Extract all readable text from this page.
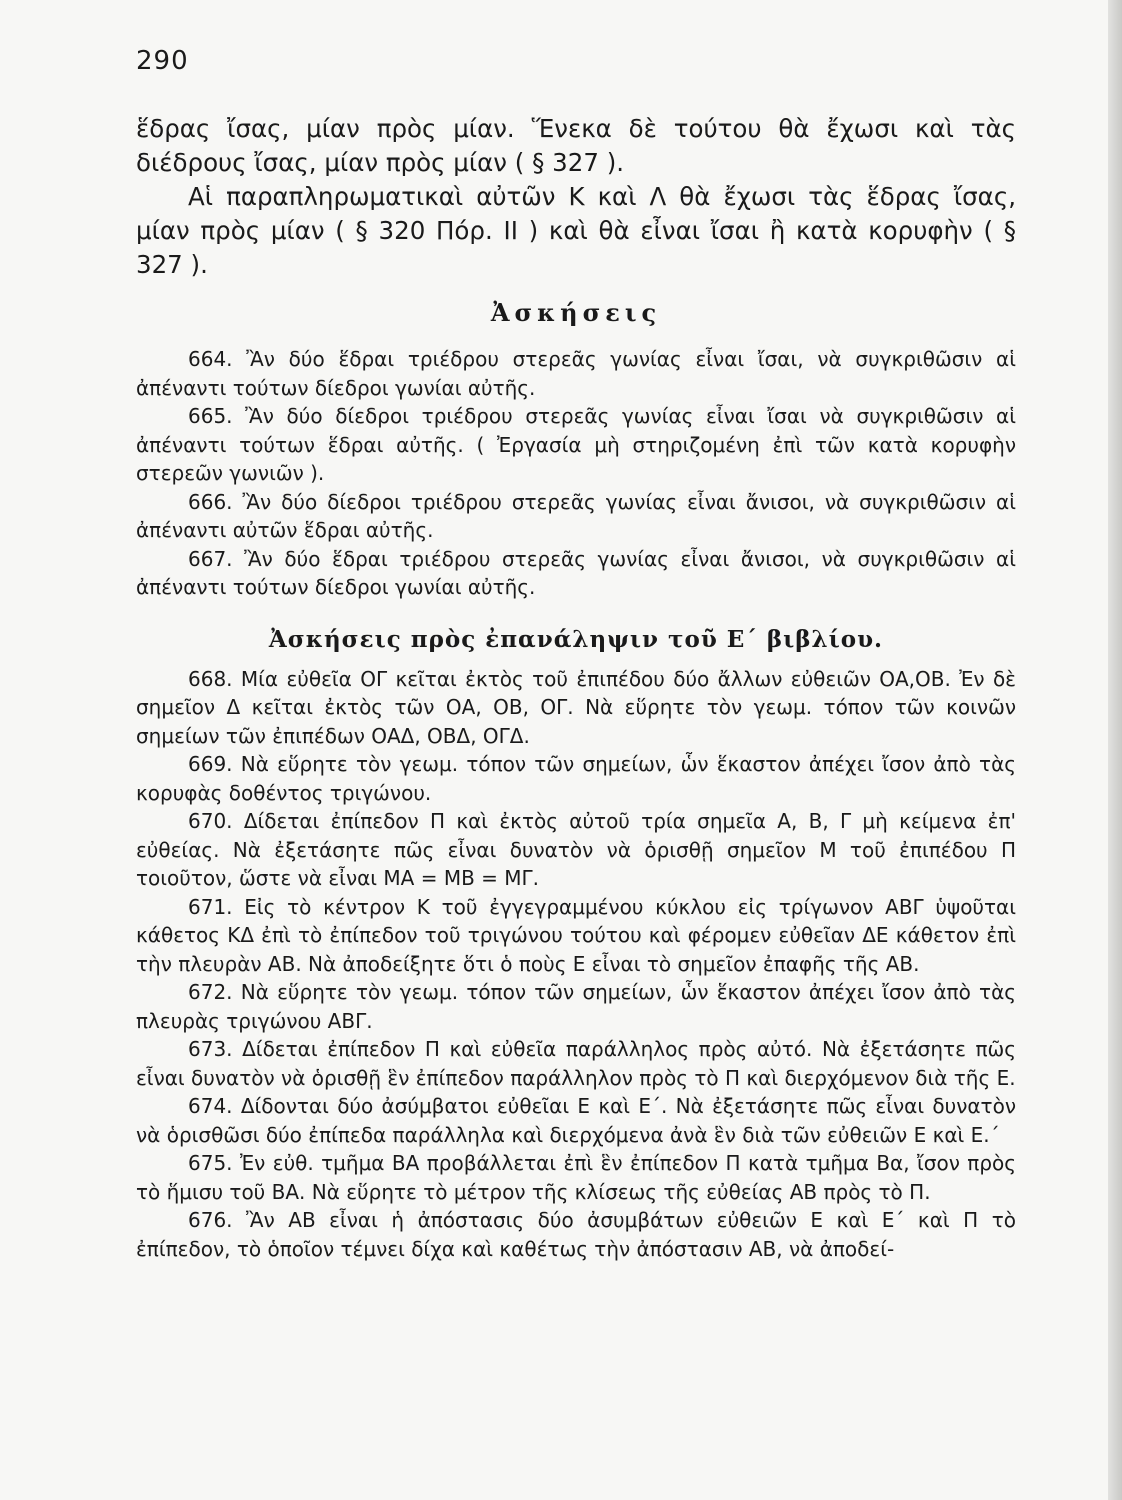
290

ἕδρας ἴσας, μίαν πρὸς μίαν. Ἕνεκα δὲ τούτου θὰ ἔχωσι καὶ τὰς διέδρους ἴσας, μίαν πρὸς μίαν ( § 327 ).

Αἱ παραπληρωματικαὶ αὐτῶν Κ καὶ Λ θὰ ἔχωσι τὰς ἕδρας ἴσας, μίαν πρὸς μίαν ( § 320 Πόρ. ΙΙ ) καὶ θὰ εἶναι ἴσαι ἢ κατὰ κορυφὴν ( § 327 ).

Ἀσκήσεις

664. Ἂν δύο ἕδραι τριέδρου στερεᾶς γωνίας εἶναι ἴσαι, νὰ συγκριθῶσιν αἱ ἀπέναντι τούτων δίεδροι γωνίαι αὐτῆς.

665. Ἂν δύο δίεδροι τριέδρου στερεᾶς γωνίας εἶναι ἴσαι νὰ συγκριθῶσιν αἱ ἀπέναντι τούτων ἕδραι αὐτῆς. ( Ἐργασία μὴ στηριζομένη ἐπὶ τῶν κατὰ κορυφὴν στερεῶν γωνιῶν ).

666. Ἂν δύο δίεδροι τριέδρου στερεᾶς γωνίας εἶναι ἄνισοι, νὰ συγκριθῶσιν αἱ ἀπέναντι αὐτῶν ἕδραι αὐτῆς.

667. Ἂν δύο ἕδραι τριέδρου στερεᾶς γωνίας εἶναι ἄνισοι, νὰ συγκριθῶσιν αἱ ἀπέναντι τούτων δίεδροι γωνίαι αὐτῆς.

Ἀσκήσεις πρὸς ἐπανάληψιν τοῦ Ε΄ βιβλίου.

668. Μία εὐθεῖα ΟΓ κεῖται ἐκτὸς τοῦ ἐπιπέδου δύο ἄλλων εὐθειῶν ΟΑ,ΟΒ. Ἐν δὲ σημεῖον Δ κεῖται ἐκτὸς τῶν ΟΑ, ΟΒ, ΟΓ. Νὰ εὕρητε τὸν γεωμ. τόπον τῶν κοινῶν σημείων τῶν ἐπιπέδων ΟΑΔ, ΟΒΔ, ΟΓΔ.

669. Νὰ εὕρητε τὸν γεωμ. τόπον τῶν σημείων, ὧν ἕκαστον ἀπέχει ἴσον ἀπὸ τὰς κορυφὰς δοθέντος τριγώνου.

670. Δίδεται ἐπίπεδον Π καὶ ἐκτὸς αὐτοῦ τρία σημεῖα Α, Β, Γ μὴ κείμενα ἐπ' εὐθείας. Νὰ ἐξετάσητε πῶς εἶναι δυνατὸν νὰ ὁρισθῇ σημεῖον Μ τοῦ ἐπιπέδου Π τοιοῦτον, ὥστε νὰ εἶναι ΜΑ = ΜΒ = ΜΓ.

671. Εἰς τὸ κέντρον Κ τοῦ ἐγγεγραμμένου κύκλου εἰς τρίγωνον ΑΒΓ ὑψοῦται κάθετος ΚΔ ἐπὶ τὸ ἐπίπεδον τοῦ τριγώνου τούτου καὶ φέρομεν εὐθεῖαν ΔΕ κάθετον ἐπὶ τὴν πλευρὰν ΑΒ. Νὰ ἀποδείξητε ὅτι ὁ ποὺς Ε εἶναι τὸ σημεῖον ἐπαφῆς τῆς ΑΒ.

672. Νὰ εὕρητε τὸν γεωμ. τόπον τῶν σημείων, ὧν ἕκαστον ἀπέχει ἴσον ἀπὸ τὰς πλευρὰς τριγώνου ΑΒΓ.

673. Δίδεται ἐπίπεδον Π καὶ εὐθεῖα παράλληλος πρὸς αὐτό. Νὰ ἐξετάσητε πῶς εἶναι δυνατὸν νὰ ὁρισθῇ ἓν ἐπίπεδον παράλληλον πρὸς τὸ Π καὶ διερχόμενον διὰ τῆς Ε.

674. Δίδονται δύο ἀσύμβατοι εὐθεῖαι Ε καὶ Ε΄. Νὰ ἐξετάσητε πῶς εἶναι δυνατὸν νὰ ὁρισθῶσι δύο ἐπίπεδα παράλληλα καὶ διερχόμενα ἀνὰ ἓν διὰ τῶν εὐθειῶν Ε καὶ Ε.΄

675. Ἐν εὐθ. τμῆμα ΒΑ προβάλλεται ἐπὶ ἓν ἐπίπεδον Π κατὰ τμῆμα Βα, ἴσον πρὸς τὸ ἥμισυ τοῦ ΒΑ. Νὰ εὕρητε τὸ μέτρον τῆς κλίσεως τῆς εὐθείας ΑΒ πρὸς τὸ Π.

676. Ἂν ΑΒ εἶναι ἡ ἀπόστασις δύο ἀσυμβάτων εὐθειῶν Ε καὶ Ε΄ καὶ Π τὸ ἐπίπεδον, τὸ ὁποῖον τέμνει δίχα καὶ καθέτως τὴν ἀπόστασιν ΑΒ, νὰ ἀποδεί-
